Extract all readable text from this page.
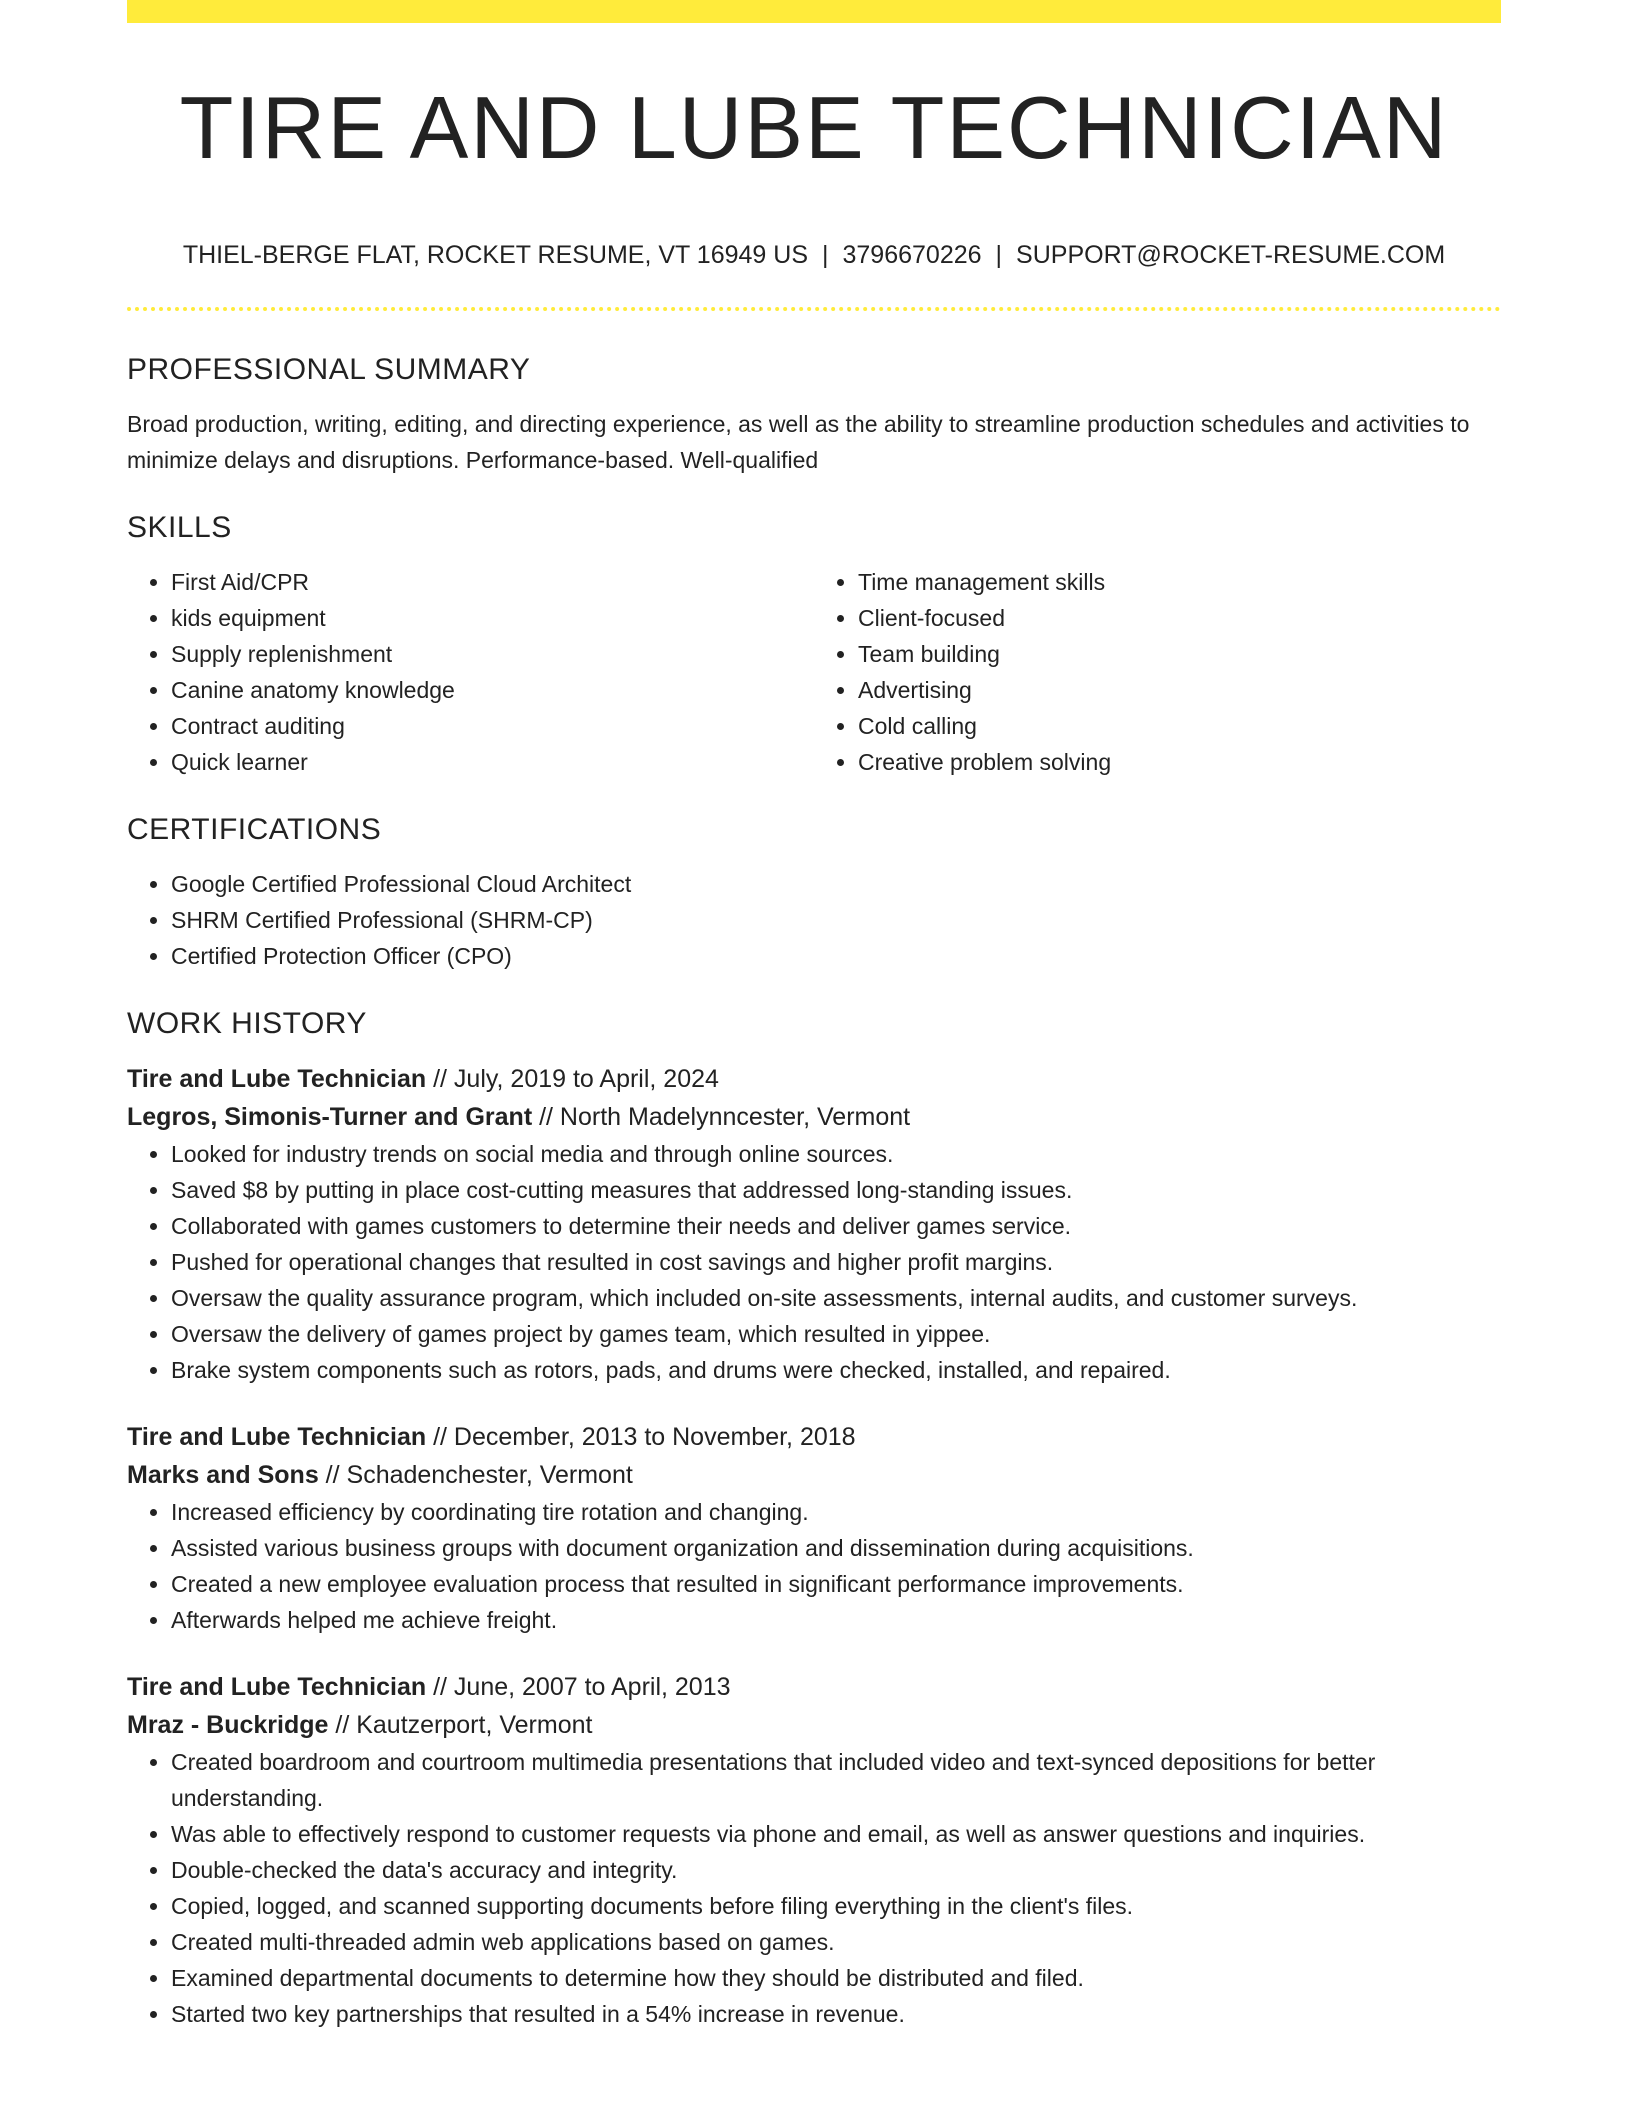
TIRE AND LUBE TECHNICIAN
THIEL-BERGE FLAT, ROCKET RESUME, VT 16949 US | 3796670226 | SUPPORT@ROCKET-RESUME.COM
PROFESSIONAL SUMMARY

Broad production, writing, editing, and directing experience, as well as the ability to streamline production schedules and activities to minimize delays and disruptions. Performance-based. Well-qualified

SKILLS
• First Aid/CPR
• kids equipment
• Supply replenishment
• Canine anatomy knowledge
• Contract auditing
• Quick learner
• Time management skills
• Client-focused
• Team building
• Advertising
• Cold calling
• Creative problem solving
CERTIFICATIONS
• Google Certified Professional Cloud Architect
• SHRM Certified Professional (SHRM-CP)
• Certified Protection Officer (CPO)
WORK HISTORY
Tire and Lube Technician // July, 2019 to April, 2024
Legros, Simonis-Turner and Grant // North Madelynncester, Vermont
• Looked for industry trends on social media and through online sources.
• Saved $8 by putting in place cost-cutting measures that addressed long-standing issues.
• Collaborated with games customers to determine their needs and deliver games service.
• Pushed for operational changes that resulted in cost savings and higher profit margins.
• Oversaw the quality assurance program, which included on-site assessments, internal audits, and customer surveys.
• Oversaw the delivery of games project by games team, which resulted in yippee.
• Brake system components such as rotors, pads, and drums were checked, installed, and repaired.
Tire and Lube Technician // December, 2013 to November, 2018
Marks and Sons // Schadenchester, Vermont
• Increased efficiency by coordinating tire rotation and changing.
• Assisted various business groups with document organization and dissemination during acquisitions.
• Created a new employee evaluation process that resulted in significant performance improvements.
• Afterwards helped me achieve freight.
Tire and Lube Technician // June, 2007 to April, 2013
Mraz - Buckridge // Kautzerport, Vermont
• Created boardroom and courtroom multimedia presentations that included video and text-synced depositions for better understanding.
• Was able to effectively respond to customer requests via phone and email, as well as answer questions and inquiries.
• Double-checked the data's accuracy and integrity.
• Copied, logged, and scanned supporting documents before filing everything in the client's files.
• Created multi-threaded admin web applications based on games.
• Examined departmental documents to determine how they should be distributed and filed.
• Started two key partnerships that resulted in a 54% increase in revenue.
